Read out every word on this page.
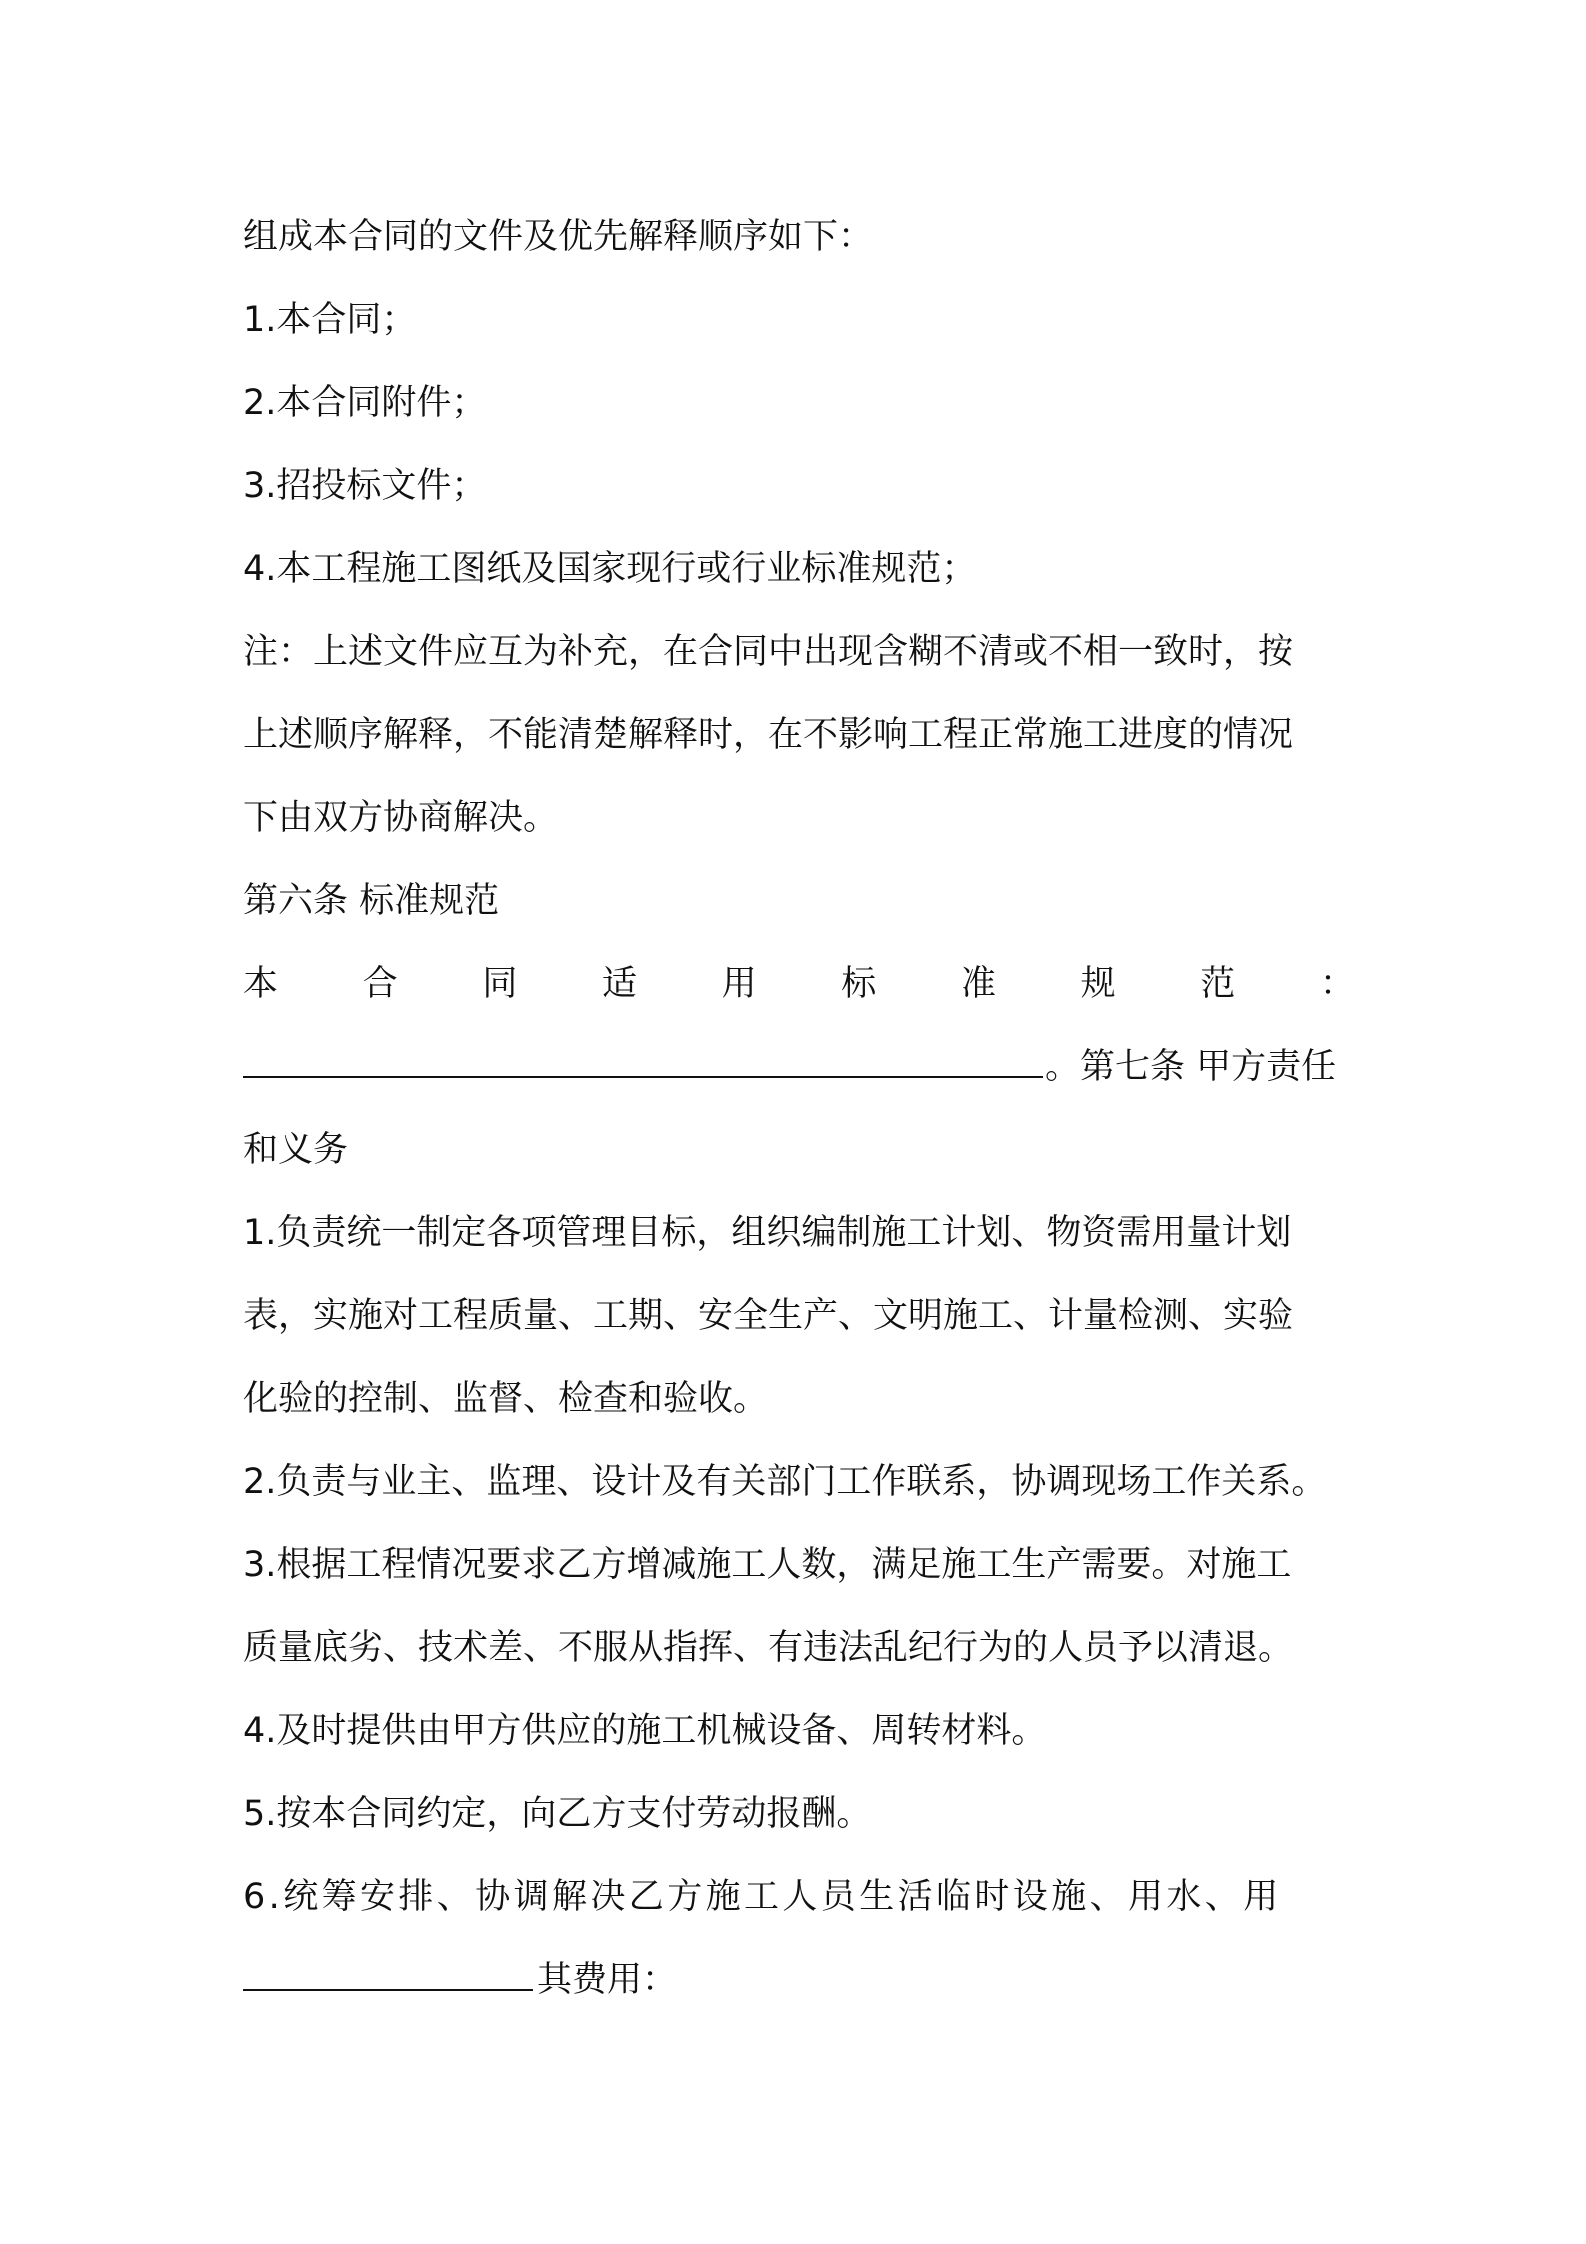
组成本合同的文件及优先解释顺序如下：
1.本合同；
2.本合同附件；
3.招投标文件；
4.本工程施工图纸及国家现行或行业标准规范；
注：上述文件应互为补充，在合同中出现含糊不清或不相一致时，按
上述顺序解释，不能清楚解释时，在不影响工程正常施工进度的情况
下由双方协商解决。
第六条 标准规范
本 合 同 适 用 标 准 规 范 ：
。第七条 甲方责任
和义务
1.负责统一制定各项管理目标，组织编制施工计划、物资需用量计划
表，实施对工程质量、工期、安全生产、文明施工、计量检测、实验
化验的控制、监督、检查和验收。
2.负责与业主、监理、设计及有关部门工作联系，协调现场工作关系。
3.根据工程情况要求乙方增减施工人数，满足施工生产需要。对施工
质量底劣、技术差、不服从指挥、有违法乱纪行为的人员予以清退。
4.及时提供由甲方供应的施工机械设备、周转材料。
5.按本合同约定，向乙方支付劳动报酬。
6.统筹安排、协调解决乙方施工人员生活临时设施、用水、用
其费用：
